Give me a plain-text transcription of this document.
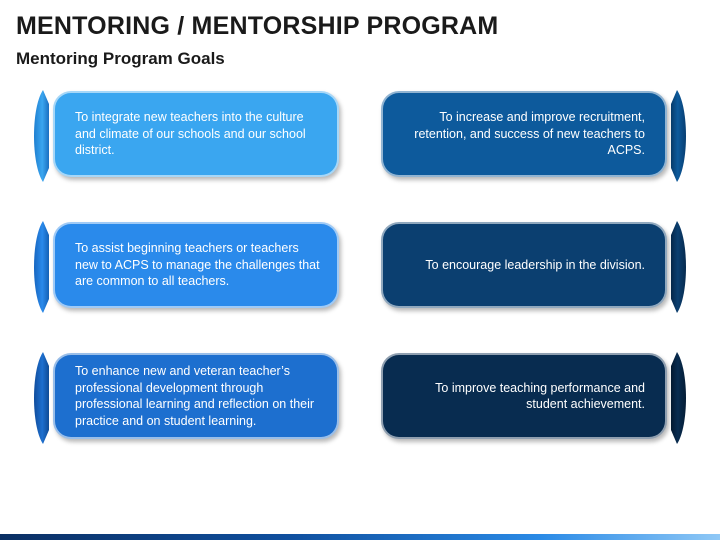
MENTORING / MENTORSHIP PROGRAM
Mentoring Program Goals
To integrate new teachers into the culture and climate of our schools and our school district.
To assist beginning teachers or teachers new to ACPS to manage the challenges that are common to all teachers.
To enhance new and veteran teacher’s professional development through professional learning and reflection on their practice and on student learning.
To increase and improve recruitment, retention, and success of new teachers to ACPS.
To encourage leadership in the division.
To improve teaching performance and student achievement.
